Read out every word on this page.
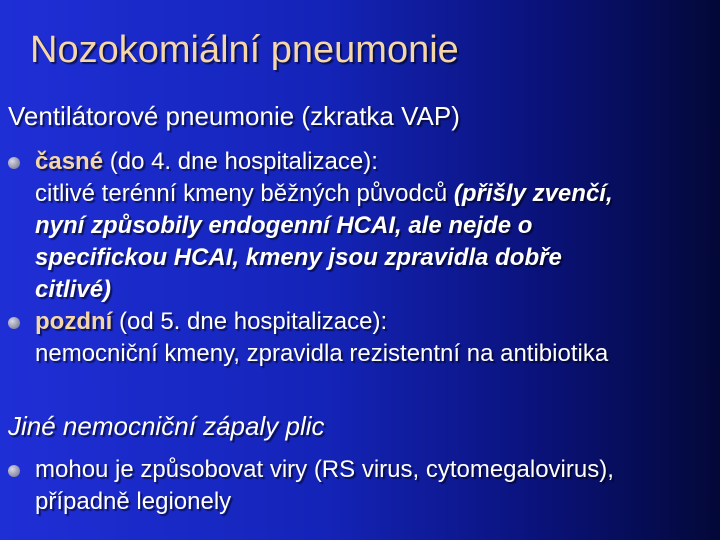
Nozokomiální pneumonie
Ventilátorové pneumonie (zkratka VAP)
časné (do 4. dne hospitalizace):
citlivé terénní kmeny běžných původců (přišly zvenčí,
nyní způsobily endogenní HCAI, ale nejde o
specifickou HCAI, kmeny jsou zpravidla dobře
citlivé)
pozdní (od 5. dne hospitalizace):
nemocniční kmeny, zpravidla rezistentní na antibiotika
Jiné nemocniční zápaly plic
mohou je způsobovat viry (RS virus, cytomegalovirus),
případně legionely
